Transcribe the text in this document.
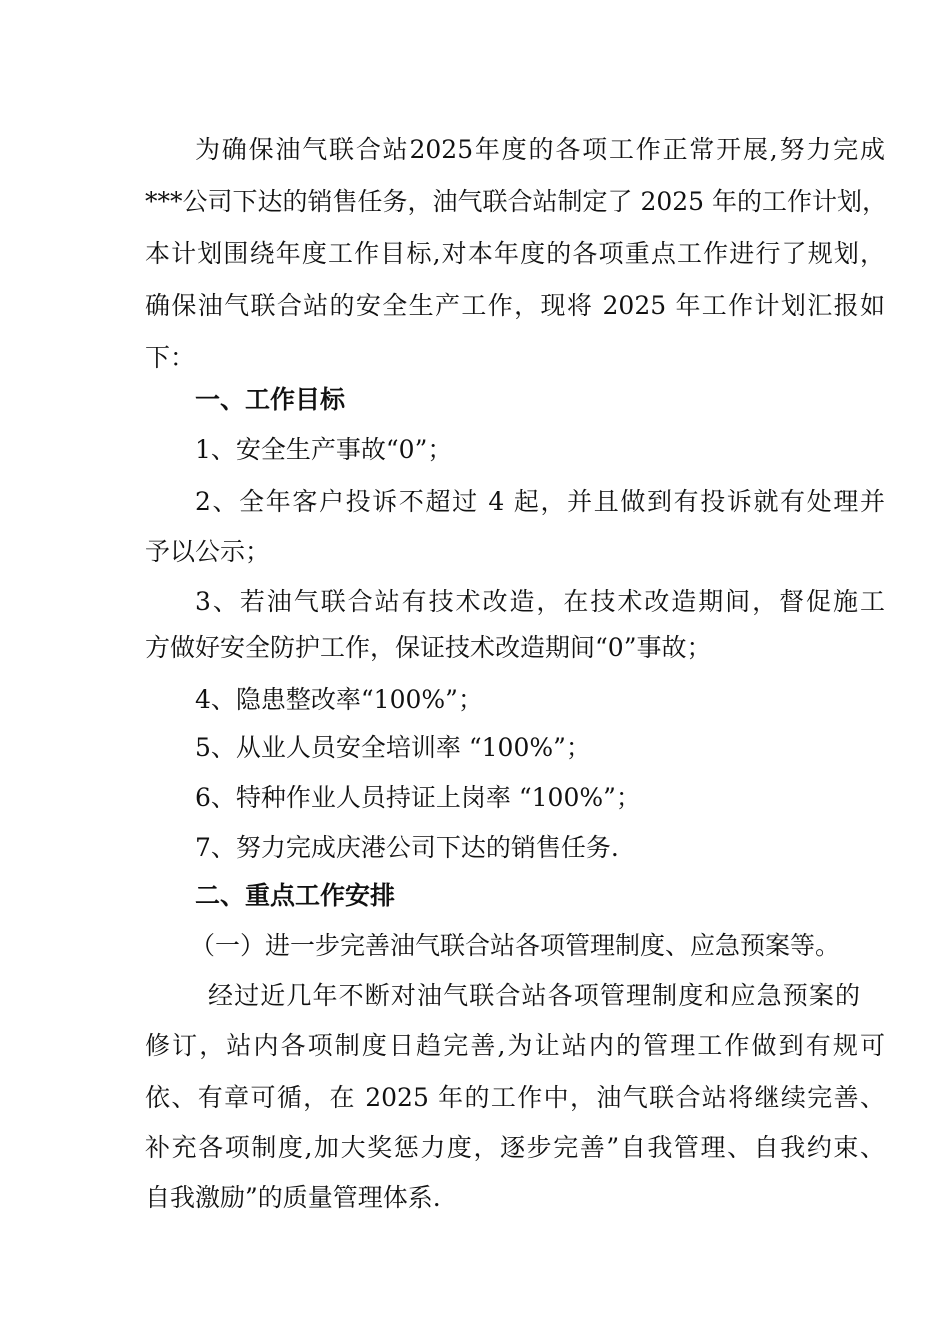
为确保油气联合站2025年度的各项工作正常开展,努力完成
***公司下达的销售任务，油气联合站制定了 2025 年的工作计划，
本计划围绕年度工作目标,对本年度的各项重点工作进行了规划，
确保油气联合站的安全生产工作，现将 2025 年工作计划汇报如
下：
一、工作目标
1、安全生产事故“0”；
2、全年客户投诉不超过 4 起，并且做到有投诉就有处理并
予以公示；
3、若油气联合站有技术改造，在技术改造期间，督促施工
方做好安全防护工作，保证技术改造期间“0”事故；
4、隐患整改率“100%”；
5、从业人员安全培训率 “100%”；
6、特种作业人员持证上岗率 “100%”；
7、努力完成庆港公司下达的销售任务.
二、重点工作安排
（一）进一步完善油气联合站各项管理制度、应急预案等。
经过近几年不断对油气联合站各项管理制度和应急预案的
修订，站内各项制度日趋完善,为让站内的管理工作做到有规可
依、有章可循，在 2025 年的工作中，油气联合站将继续完善、
补充各项制度,加大奖惩力度，逐步完善”自我管理、自我约束、
自我激励”的质量管理体系.
